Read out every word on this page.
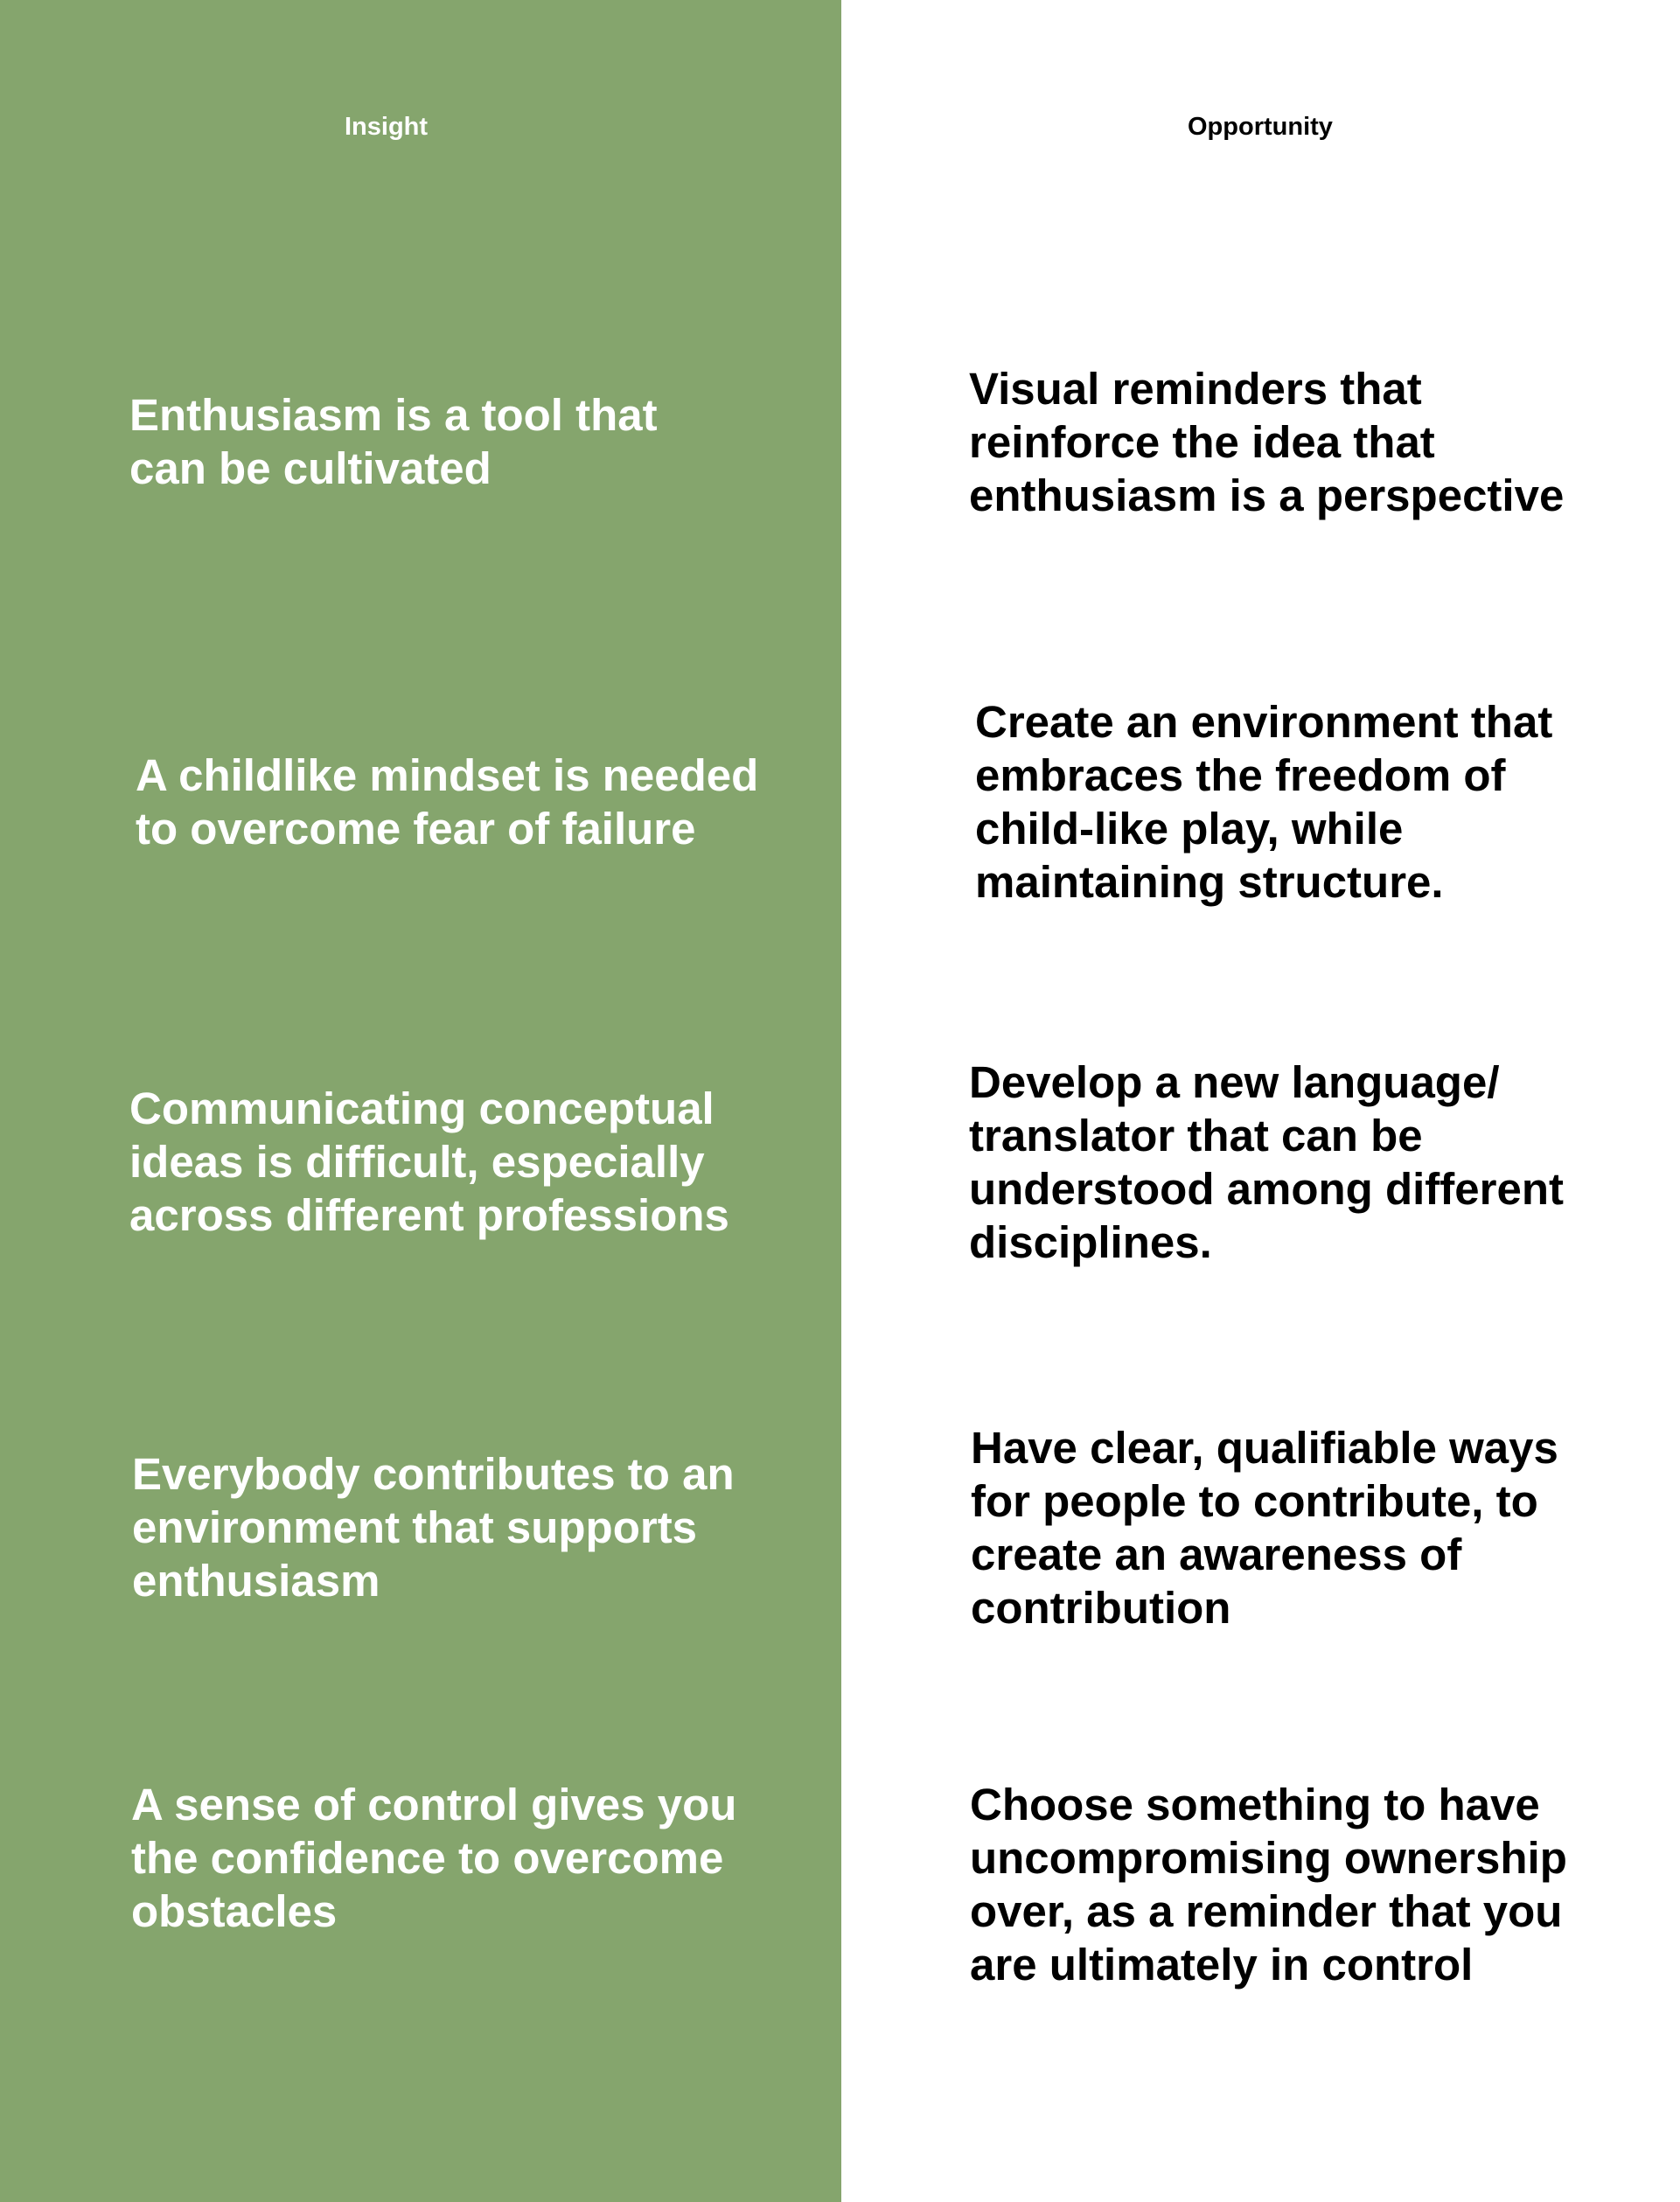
Insight	Opportunity

Enthusiasm is a tool that
can be cultivated

Visual reminders that
reinforce the idea that
enthusiasm is a perspective

A childlike mindset is needed
to overcome fear of failure

Create an environment that
embraces the freedom of
child-like play, while
maintaining structure.

Communicating conceptual
ideas is difficult, especially
across different professions

Develop a new language/
translator that can be
understood among different
disciplines.

Everybody contributes to an
environment that supports
enthusiasm

Have clear, qualifiable ways
for people to contribute, to
create an awareness of
contribution

A sense of control gives you
the confidence to overcome
obstacles

Choose something to have
uncompromising ownership
over, as a reminder that you
are ultimately in control
